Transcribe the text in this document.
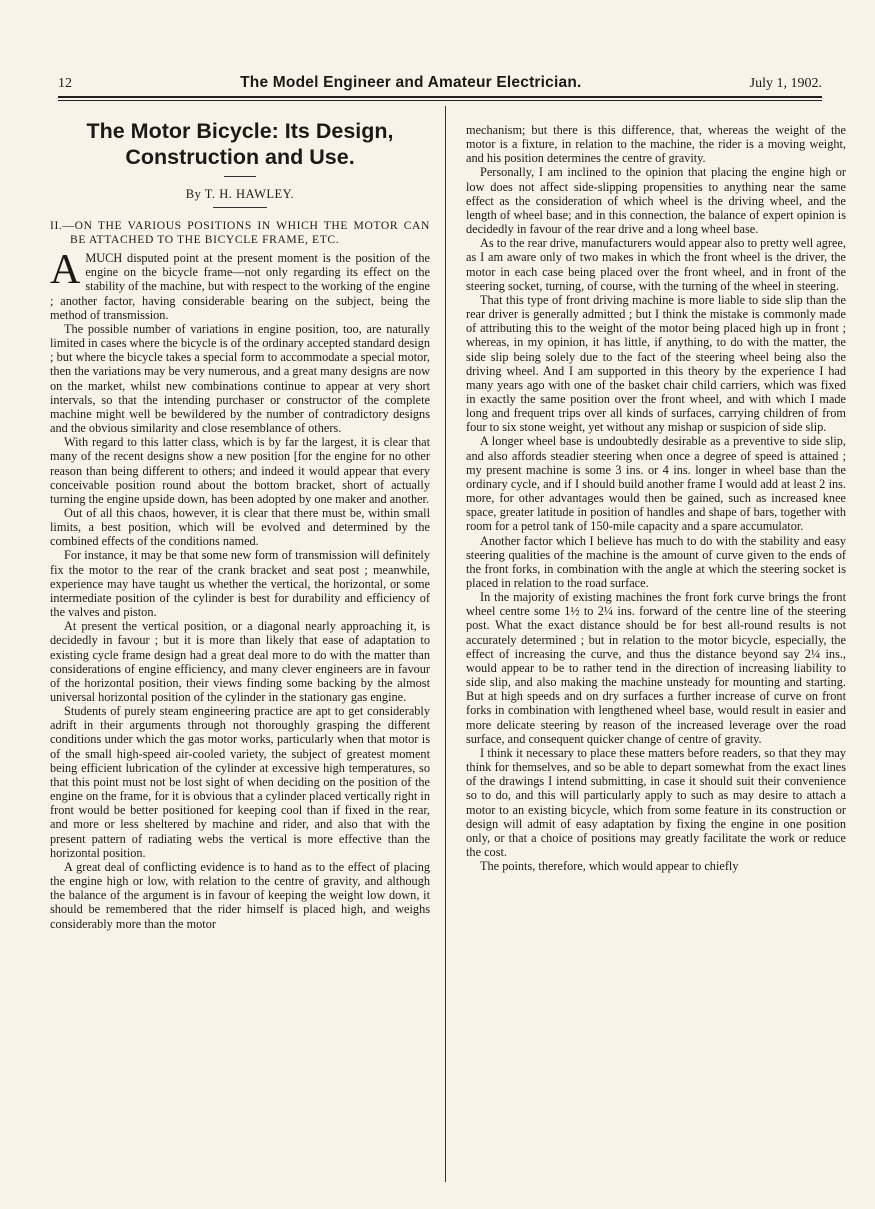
12	The Model Engineer and Amateur Electrician.	July 1, 1902.
The Motor Bicycle: Its Design, Construction and Use.
By T. H. HAWLEY.
II.—ON THE VARIOUS POSITIONS IN WHICH THE MOTOR CAN BE ATTACHED TO THE BICYCLE FRAME, ETC.

AMUCH disputed point at the present moment is the position of the engine on the bicycle frame—not only regarding its effect on the stability of the machine, but with respect to the working of the engine ; another factor, having considerable bearing on the subject, being the method of transmission.

The possible number of variations in engine position, too, are naturally limited in cases where the bicycle is of the ordinary accepted standard design ; but where the bicycle takes a special form to accommodate a special motor, then the variations may be very numerous, and a great many designs are now on the market, whilst new combinations continue to appear at very short intervals, so that the intending purchaser or constructor of the complete machine might well be bewildered by the number of contradictory designs and the obvious similarity and close resemblance of others.

With regard to this latter class, which is by far the largest, it is clear that many of the recent designs show a new position [for the engine for no other reason than being different to others; and indeed it would appear that every conceivable position round about the bottom bracket, short of actually turning the engine upside down, has been adopted by one maker and another.

Out of all this chaos, however, it is clear that there must be, within small limits, a best position, which will be evolved and determined by the combined effects of the conditions named.

For instance, it may be that some new form of transmission will definitely fix the motor to the rear of the crank bracket and seat post ; meanwhile, experience may have taught us whether the vertical, the horizontal, or some intermediate position of the cylinder is best for durability and efficiency of the valves and piston.

At present the vertical position, or a diagonal nearly approaching it, is decidedly in favour ; but it is more than likely that ease of adaptation to existing cycle frame design had a great deal more to do with the matter than considerations of engine efficiency, and many clever engineers are in favour of the horizontal position, their views finding some backing by the almost universal horizontal position of the cylinder in the stationary gas engine.

Students of purely steam engineering practice are apt to get considerably adrift in their arguments through not thoroughly grasping the different conditions under which the gas motor works, particularly when that motor is of the small high-speed air-cooled variety, the subject of greatest moment being efficient lubrication of the cylinder at excessive high temperatures, so that this point must not be lost sight of when deciding on the position of the engine on the frame, for it is obvious that a cylinder placed vertically right in front would be better positioned for keeping cool than if fixed in the rear, and more or less sheltered by machine and rider, and also that with the present pattern of radiating webs the vertical is more effective than the horizontal position.

A great deal of conflicting evidence is to hand as to the effect of placing the engine high or low, with relation to the centre of gravity, and although the balance of the argument is in favour of keeping the weight low down, it should be remembered that the rider himself is placed high, and weighs considerably more than the motor

mechanism; but there is this difference, that, whereas the weight of the motor is a fixture, in relation to the machine, the rider is a moving weight, and his position determines the centre of gravity.

Personally, I am inclined to the opinion that placing the engine high or low does not affect side-slipping propensities to anything near the same effect as the consideration of which wheel is the driving wheel, and the length of wheel base; and in this connection, the balance of expert opinion is decidedly in favour of the rear drive and a long wheel base.

As to the rear drive, manufacturers would appear also to pretty well agree, as I am aware only of two makes in which the front wheel is the driver, the motor in each case being placed over the front wheel, and in front of the steering socket, turning, of course, with the turning of the wheel in steering.

That this type of front driving machine is more liable to side slip than the rear driver is generally admitted ; but I think the mistake is commonly made of attributing this to the weight of the motor being placed high up in front ; whereas, in my opinion, it has little, if anything, to do with the matter, the side slip being solely due to the fact of the steering wheel being also the driving wheel. And I am supported in this theory by the experience I had many years ago with one of the basket chair child carriers, which was fixed in exactly the same position over the front wheel, and with which I made long and frequent trips over all kinds of surfaces, carrying children of from four to six stone weight, yet without any mishap or suspicion of side slip.

A longer wheel base is undoubtedly desirable as a preventive to side slip, and also affords steadier steering when once a degree of speed is attained ; my present machine is some 3 ins. or 4 ins. longer in wheel base than the ordinary cycle, and if I should build another frame I would add at least 2 ins. more, for other advantages would then be gained, such as increased knee space, greater latitude in position of handles and shape of bars, together with room for a petrol tank of 150-mile capacity and a spare accumulator.

Another factor which I believe has much to do with the stability and easy steering qualities of the machine is the amount of curve given to the ends of the front forks, in combination with the angle at which the steering socket is placed in relation to the road surface.

In the majority of existing machines the front fork curve brings the front wheel centre some 1½ to 2¼ ins. forward of the centre line of the steering post. What the exact distance should be for best all-round results is not accurately determined ; but in relation to the motor bicycle, especially, the effect of increasing the curve, and thus the distance beyond say 2¼ ins., would appear to be to rather tend in the direction of increasing liability to side slip, and also making the machine unsteady for mounting and starting. But at high speeds and on dry surfaces a further increase of curve on front forks in combination with lengthened wheel base, would result in easier and more delicate steering by reason of the increased leverage over the road surface, and consequent quicker change of centre of gravity.

I think it necessary to place these matters before readers, so that they may think for themselves, and so be able to depart somewhat from the exact lines of the drawings I intend submitting, in case it should suit their convenience so to do, and this will particularly apply to such as may desire to attach a motor to an existing bicycle, which from some feature in its construction or design will admit of easy adaptation by fixing the engine in one position only, or that a choice of positions may greatly facilitate the work or reduce the cost.

The points, therefore, which would appear to chiefly
